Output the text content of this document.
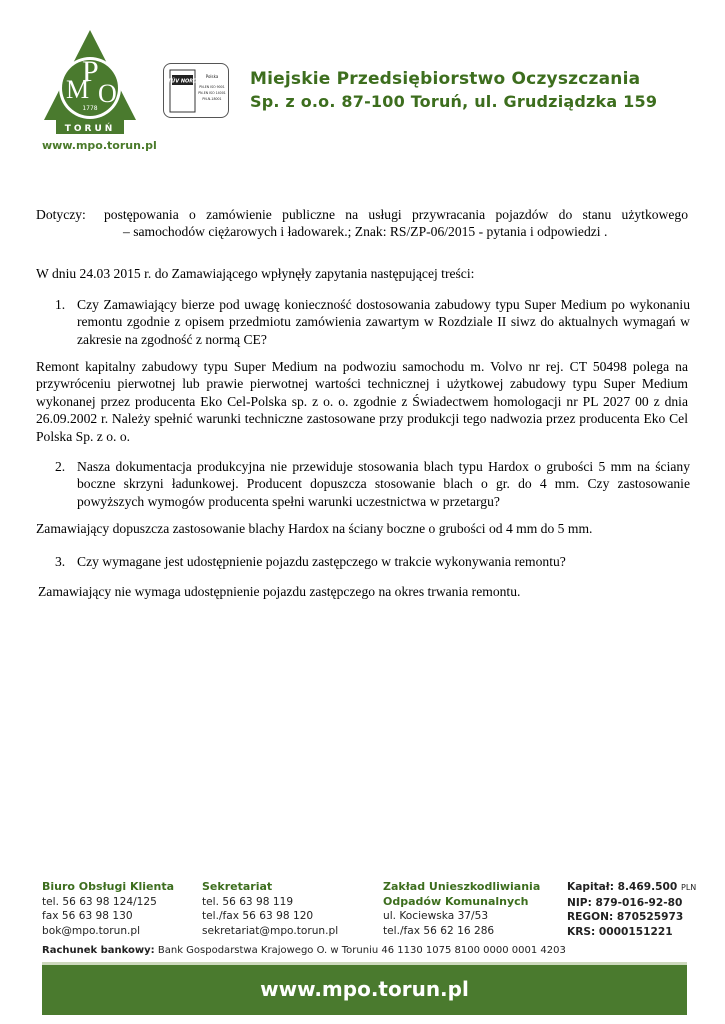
M
P
O
1778
TORUŃ
www.mpo.torun.pl
TÜV NORD
Polska
PN-EN ISO 9001
PN-EN ISO 14001
PN-N-18001
Miejskie Przedsiębiorstwo Oczyszczania
Sp. z o.o. 87-100 Toruń, ul. Grudziądzka 159
Dotyczy:	postępowania o zamówienie publiczne na usługi przywracania pojazdów do stanu użytkowego
– samochodów ciężarowych i ładowarek.; Znak: RS/ZP-06/2015 - pytania i odpowiedzi .
W dniu 24.03 2015 r. do Zamawiającego wpłynęły zapytania następującej treści:
1. Czy Zamawiający bierze pod uwagę konieczność dostosowania zabudowy typu Super Medium po wykonaniu remontu zgodnie z opisem przedmiotu zamówienia zawartym w Rozdziale II siwz do aktualnych wymagań w zakresie na zgodność z normą CE?
Remont kapitalny zabudowy typu Super Medium na podwoziu samochodu m. Volvo nr rej. CT 50498 polega na przywróceniu pierwotnej lub prawie pierwotnej wartości technicznej i użytkowej zabudowy typu Super Medium wykonanej przez producenta Eko Cel-Polska sp. z o. o. zgodnie z Świadectwem homologacji nr PL 2027 00 z dnia 26.09.2002 r. Należy spełnić warunki techniczne zastosowane przy produkcji tego nadwozia przez producenta Eko Cel Polska Sp. z o. o.
2. Nasza dokumentacja produkcyjna nie przewiduje stosowania blach typu Hardox o grubości 5 mm na ściany boczne skrzyni ładunkowej. Producent dopuszcza stosowanie blach o gr. do 4 mm. Czy zastosowanie powyższych wymogów producenta spełni warunki uczestnictwa w przetargu?
Zamawiający dopuszcza zastosowanie blachy Hardox na ściany boczne o grubości od 4 mm do 5 mm.
3. Czy wymagane jest udostępnienie pojazdu zastępczego w trakcie wykonywania remontu?
Zamawiający nie wymaga udostępnienie pojazdu zastępczego na okres trwania remontu.
Biuro Obsługi Klienta
tel. 56 63 98 124/125
fax 56 63 98 130
bok@mpo.torun.pl
Sekretariat
tel. 56 63 98 119
tel./fax 56 63 98 120
sekretariat@mpo.torun.pl
Zakład Unieszkodliwiania
Odpadów Komunalnych
ul. Kociewska 37/53
tel./fax 56 62 16 286
Kapitał: 8.469.500 PLN
NIP: 879-016-92-80
REGON: 870525973
KRS: 0000151221
Rachunek bankowy: Bank Gospodarstwa Krajowego O. w Toruniu 46 1130 1075 8100 0000 0001 4203
www.mpo.torun.pl
